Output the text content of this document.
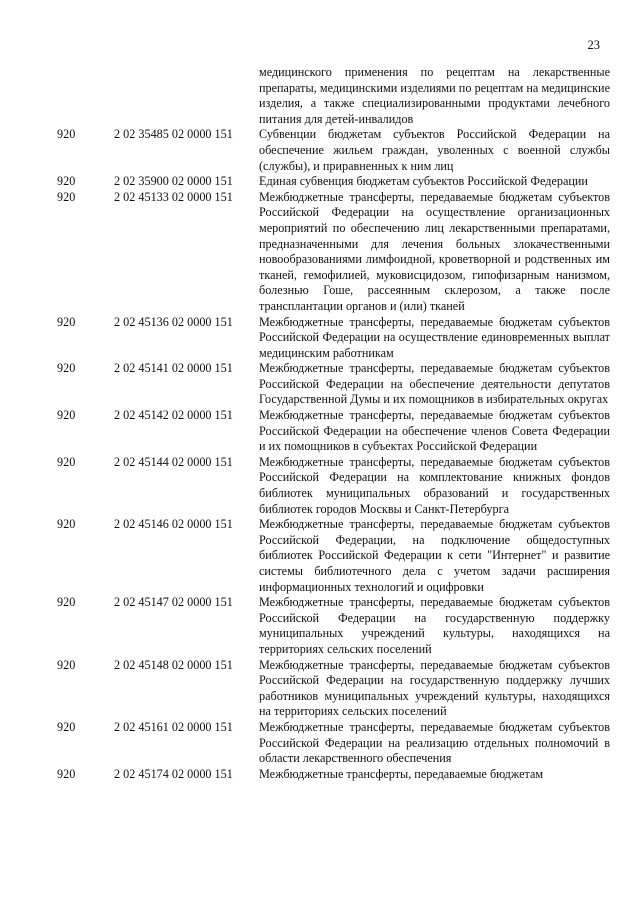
23
медицинского применения по рецептам на лекарственные препараты, медицинскими изделиями по рецептам на медицинские изделия, а также специализированными продуктами лечебного питания для детей-инвалидов
920	2 02 35485 02 0000 151	Субвенции бюджетам субъектов Российской Федерации на обеспечение жильем граждан, уволенных с военной службы (службы), и приравненных к ним лиц
920	2 02 35900 02 0000 151	Единая субвенция бюджетам субъектов Российской Федерации
920	2 02 45133 02 0000 151	Межбюджетные трансферты, передаваемые бюджетам субъектов Российской Федерации на осуществление организационных мероприятий по обеспечению лиц лекарственными препаратами, предназначенными для лечения больных злокачественными новообразованиями лимфоидной, кроветворной и родственных им тканей, гемофилией, муковисцидозом, гипофизарным нанизмом, болезнью Гоше, рассеянным склерозом, а также после трансплантации органов и (или) тканей
920	2 02 45136 02 0000 151	Межбюджетные трансферты, передаваемые бюджетам субъектов Российской Федерации на осуществление единовременных выплат медицинским работникам
920	2 02 45141 02 0000 151	Межбюджетные трансферты, передаваемые бюджетам субъектов Российской Федерации на обеспечение деятельности депутатов Государственной Думы и их помощников в избирательных округах
920	2 02 45142 02 0000 151	Межбюджетные трансферты, передаваемые бюджетам субъектов Российской Федерации на обеспечение членов Совета Федерации и их помощников в субъектах Российской Федерации
920	2 02 45144 02 0000 151	Межбюджетные трансферты, передаваемые бюджетам субъектов Российской Федерации на комплектование книжных фондов библиотек муниципальных образований и государственных библиотек городов Москвы и Санкт-Петербурга
920	2 02 45146 02 0000 151	Межбюджетные трансферты, передаваемые бюджетам субъектов Российской Федерации, на подключение общедоступных библиотек Российской Федерации к сети "Интернет" и развитие системы библиотечного дела с учетом задачи расширения информационных технологий и оцифровки
920	2 02 45147 02 0000 151	Межбюджетные трансферты, передаваемые бюджетам субъектов Российской Федерации на государственную поддержку муниципальных учреждений культуры, находящихся на территориях сельских поселений
920	2 02 45148 02 0000 151	Межбюджетные трансферты, передаваемые бюджетам субъектов Российской Федерации на государственную поддержку лучших работников муниципальных учреждений культуры, находящихся на территориях сельских поселений
920	2 02 45161 02 0000 151	Межбюджетные трансферты, передаваемые бюджетам субъектов Российской Федерации на реализацию отдельных полномочий в области лекарственного обеспечения
920	2 02 45174 02 0000 151	Межбюджетные трансферты, передаваемые бюджетам
